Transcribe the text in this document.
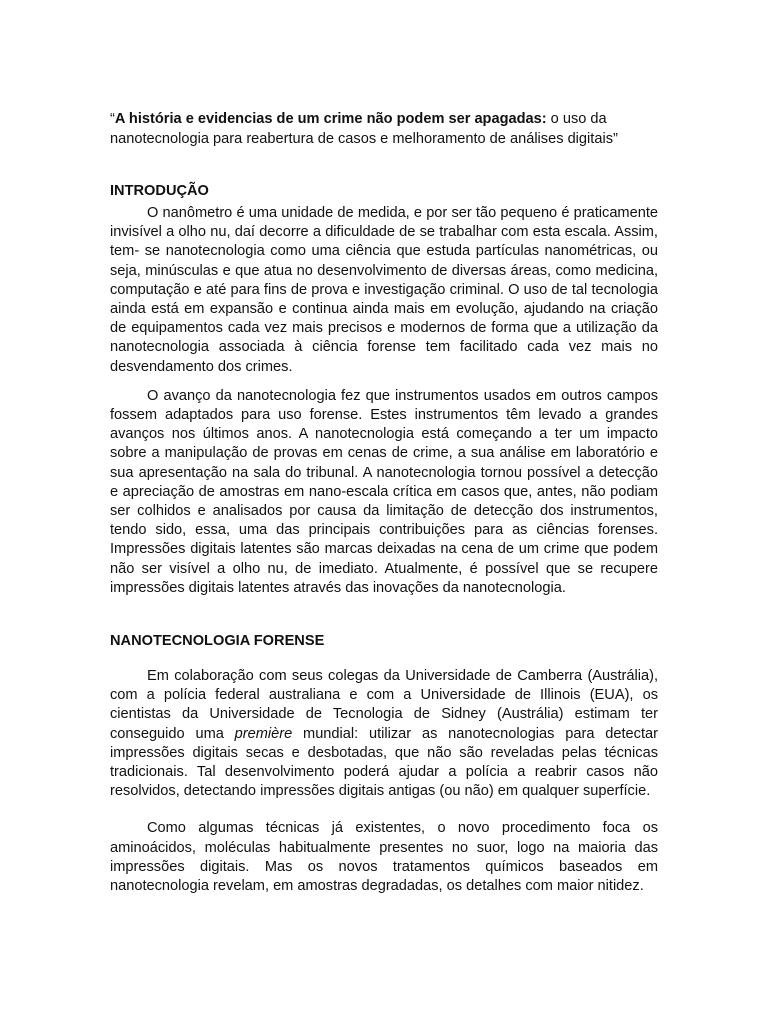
“A história e evidencias de um crime não podem ser apagadas: o uso da nanotecnologia para reabertura de casos e melhoramento de análises digitais”

INTRODUÇÃO

O nanômetro é uma unidade de medida, e por ser tão pequeno é praticamente invisível a olho nu, daí decorre a dificuldade de se trabalhar com esta escala. Assim, tem- se nanotecnologia como uma ciência que estuda partículas nanométricas, ou seja, minúsculas e que atua no desenvolvimento de diversas áreas, como medicina, computação e até para fins de prova e investigação criminal. O uso de tal tecnologia ainda está em expansão e continua ainda mais em evolução, ajudando na criação de equipamentos cada vez mais precisos e modernos de forma que a utilização da nanotecnologia associada à ciência forense tem facilitado cada vez mais no desvendamento dos crimes.

O avanço da nanotecnologia fez que instrumentos usados em outros campos fossem adaptados para uso forense. Estes instrumentos têm levado a grandes avanços nos últimos anos. A nanotecnologia está começando a ter um impacto sobre a manipulação de provas em cenas de crime, a sua análise em laboratório e sua apresentação na sala do tribunal. A nanotecnologia tornou possível a detecção e apreciação de amostras em nano-escala crítica em casos que, antes, não podiam ser colhidos e analisados por causa da limitação de detecção dos instrumentos, tendo sido, essa, uma das principais contribuições para as ciências forenses. Impressões digitais latentes são marcas deixadas na cena de um crime que podem não ser visível a olho nu, de imediato. Atualmente, é possível que se recupere impressões digitais latentes através das inovações da nanotecnologia.

NANOTECNOLOGIA FORENSE

Em colaboração com seus colegas da Universidade de Camberra (Austrália), com a polícia federal australiana e com a Universidade de Illinois (EUA), os cientistas da Universidade de Tecnologia de Sidney (Austrália) estimam ter conseguido uma première mundial: utilizar as nanotecnologias para detectar impressões digitais secas e desbotadas, que não são reveladas pelas técnicas tradicionais. Tal desenvolvimento poderá ajudar a polícia a reabrir casos não resolvidos, detectando impressões digitais antigas (ou não) em qualquer superfície.

Como algumas técnicas já existentes, o novo procedimento foca os aminoácidos, moléculas habitualmente presentes no suor, logo na maioria das impressões digitais. Mas os novos tratamentos químicos baseados em nanotecnologia revelam, em amostras degradadas, os detalhes com maior nitidez.
